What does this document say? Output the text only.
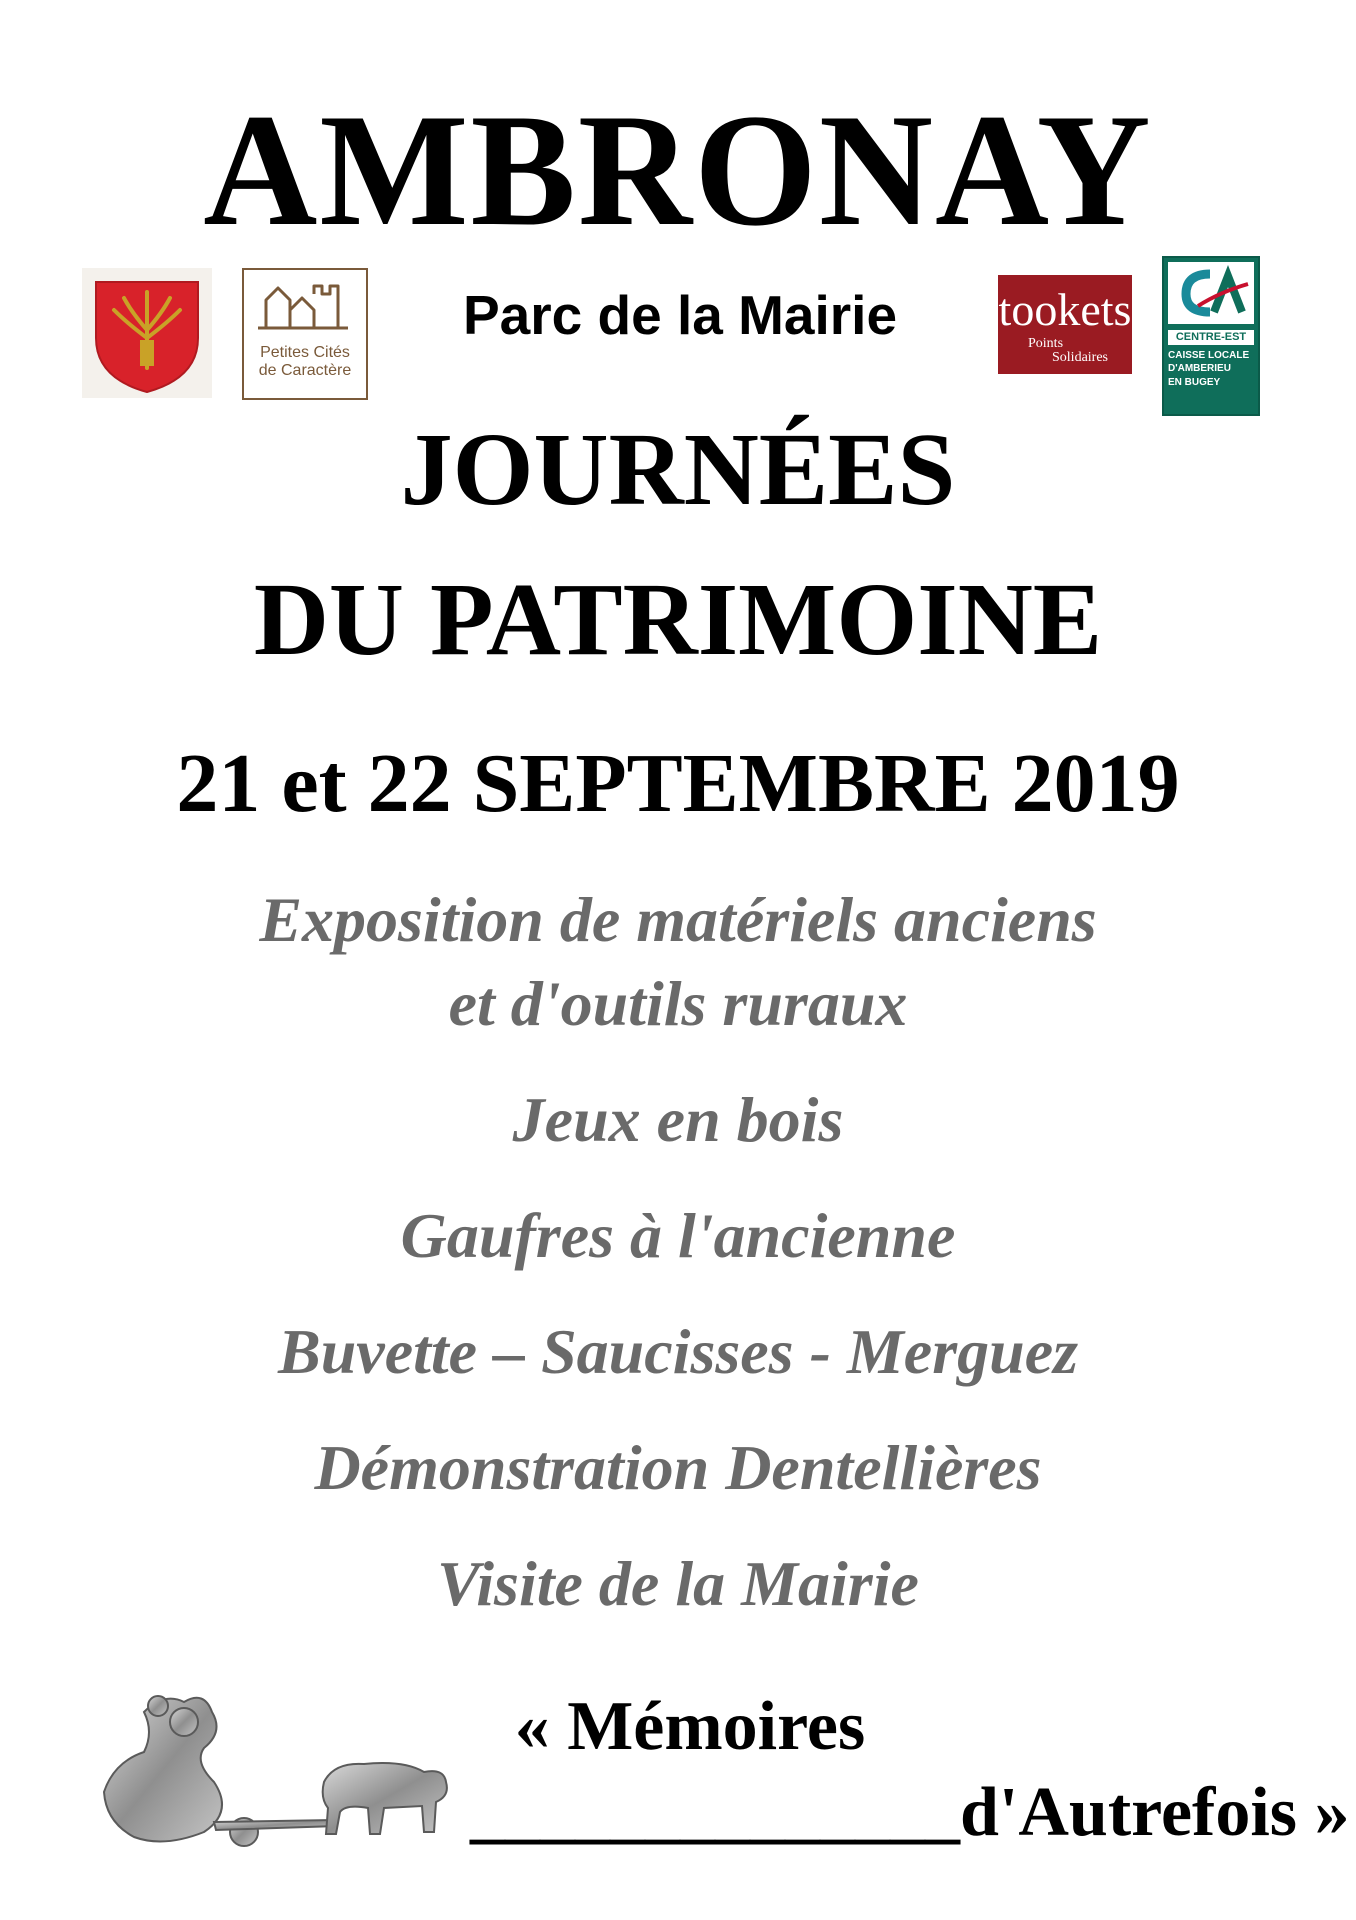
AMBRONAY
Petites Cités
de Caractère
Parc de la Mairie	tookets
Points
Solidaires
CENTRE-EST
CAISSE LOCALE
D'AMBERIEU
EN BUGEY
JOURNÉES
DU PATRIMOINE
21 et 22 SEPTEMBRE 2019
Exposition de matériels anciens
et d'outils ruraux
Jeux en bois
Gaufres à l'ancienne
Buvette – Saucisses - Merguez
Démonstration Dentellières
Visite de la Mairie
« Mémoires
______________d'Autrefois »
